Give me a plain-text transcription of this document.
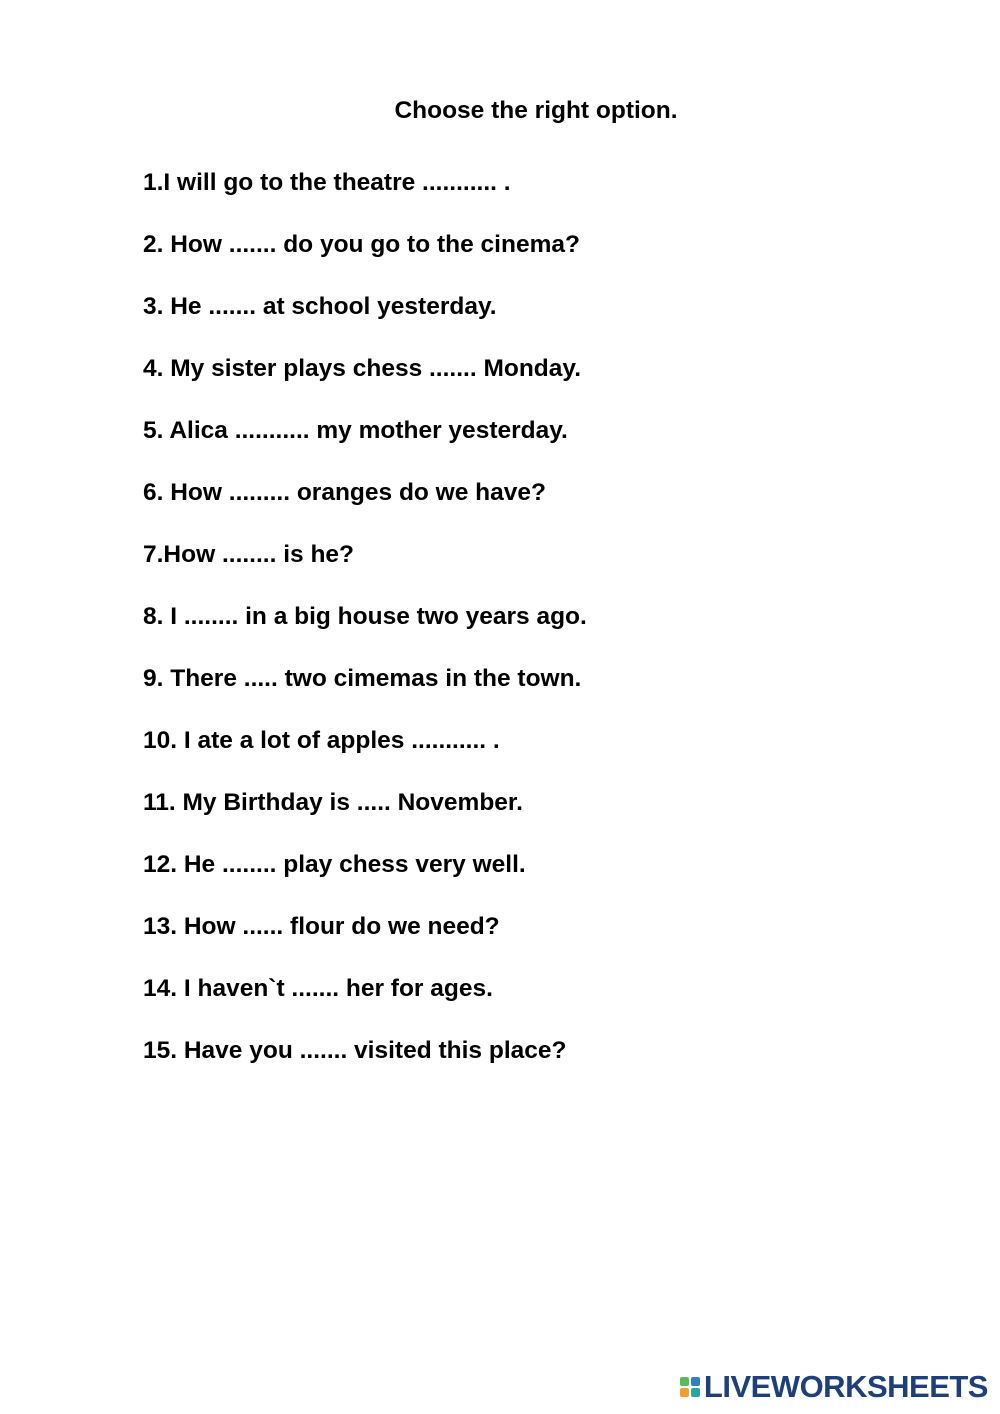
Choose the right option.
1.I will go to the theatre ........... .
2. How ....... do you go to the cinema?
3. He ....... at school yesterday.
4. My sister plays chess ....... Monday.
5. Alica ........... my mother yesterday.
6. How ......... oranges do we have?
7.How ........ is he?
8. I ........ in a big house two years ago.
9. There ..... two cimemas in the town.
10. I ate a lot of apples ........... .
11. My Birthday is ..... November.
12. He ........ play chess very well.
13. How ...... flour do we need?
14. I haven`t ....... her for ages.
15. Have you ....... visited this place?
LIVEWORKSHEETS
